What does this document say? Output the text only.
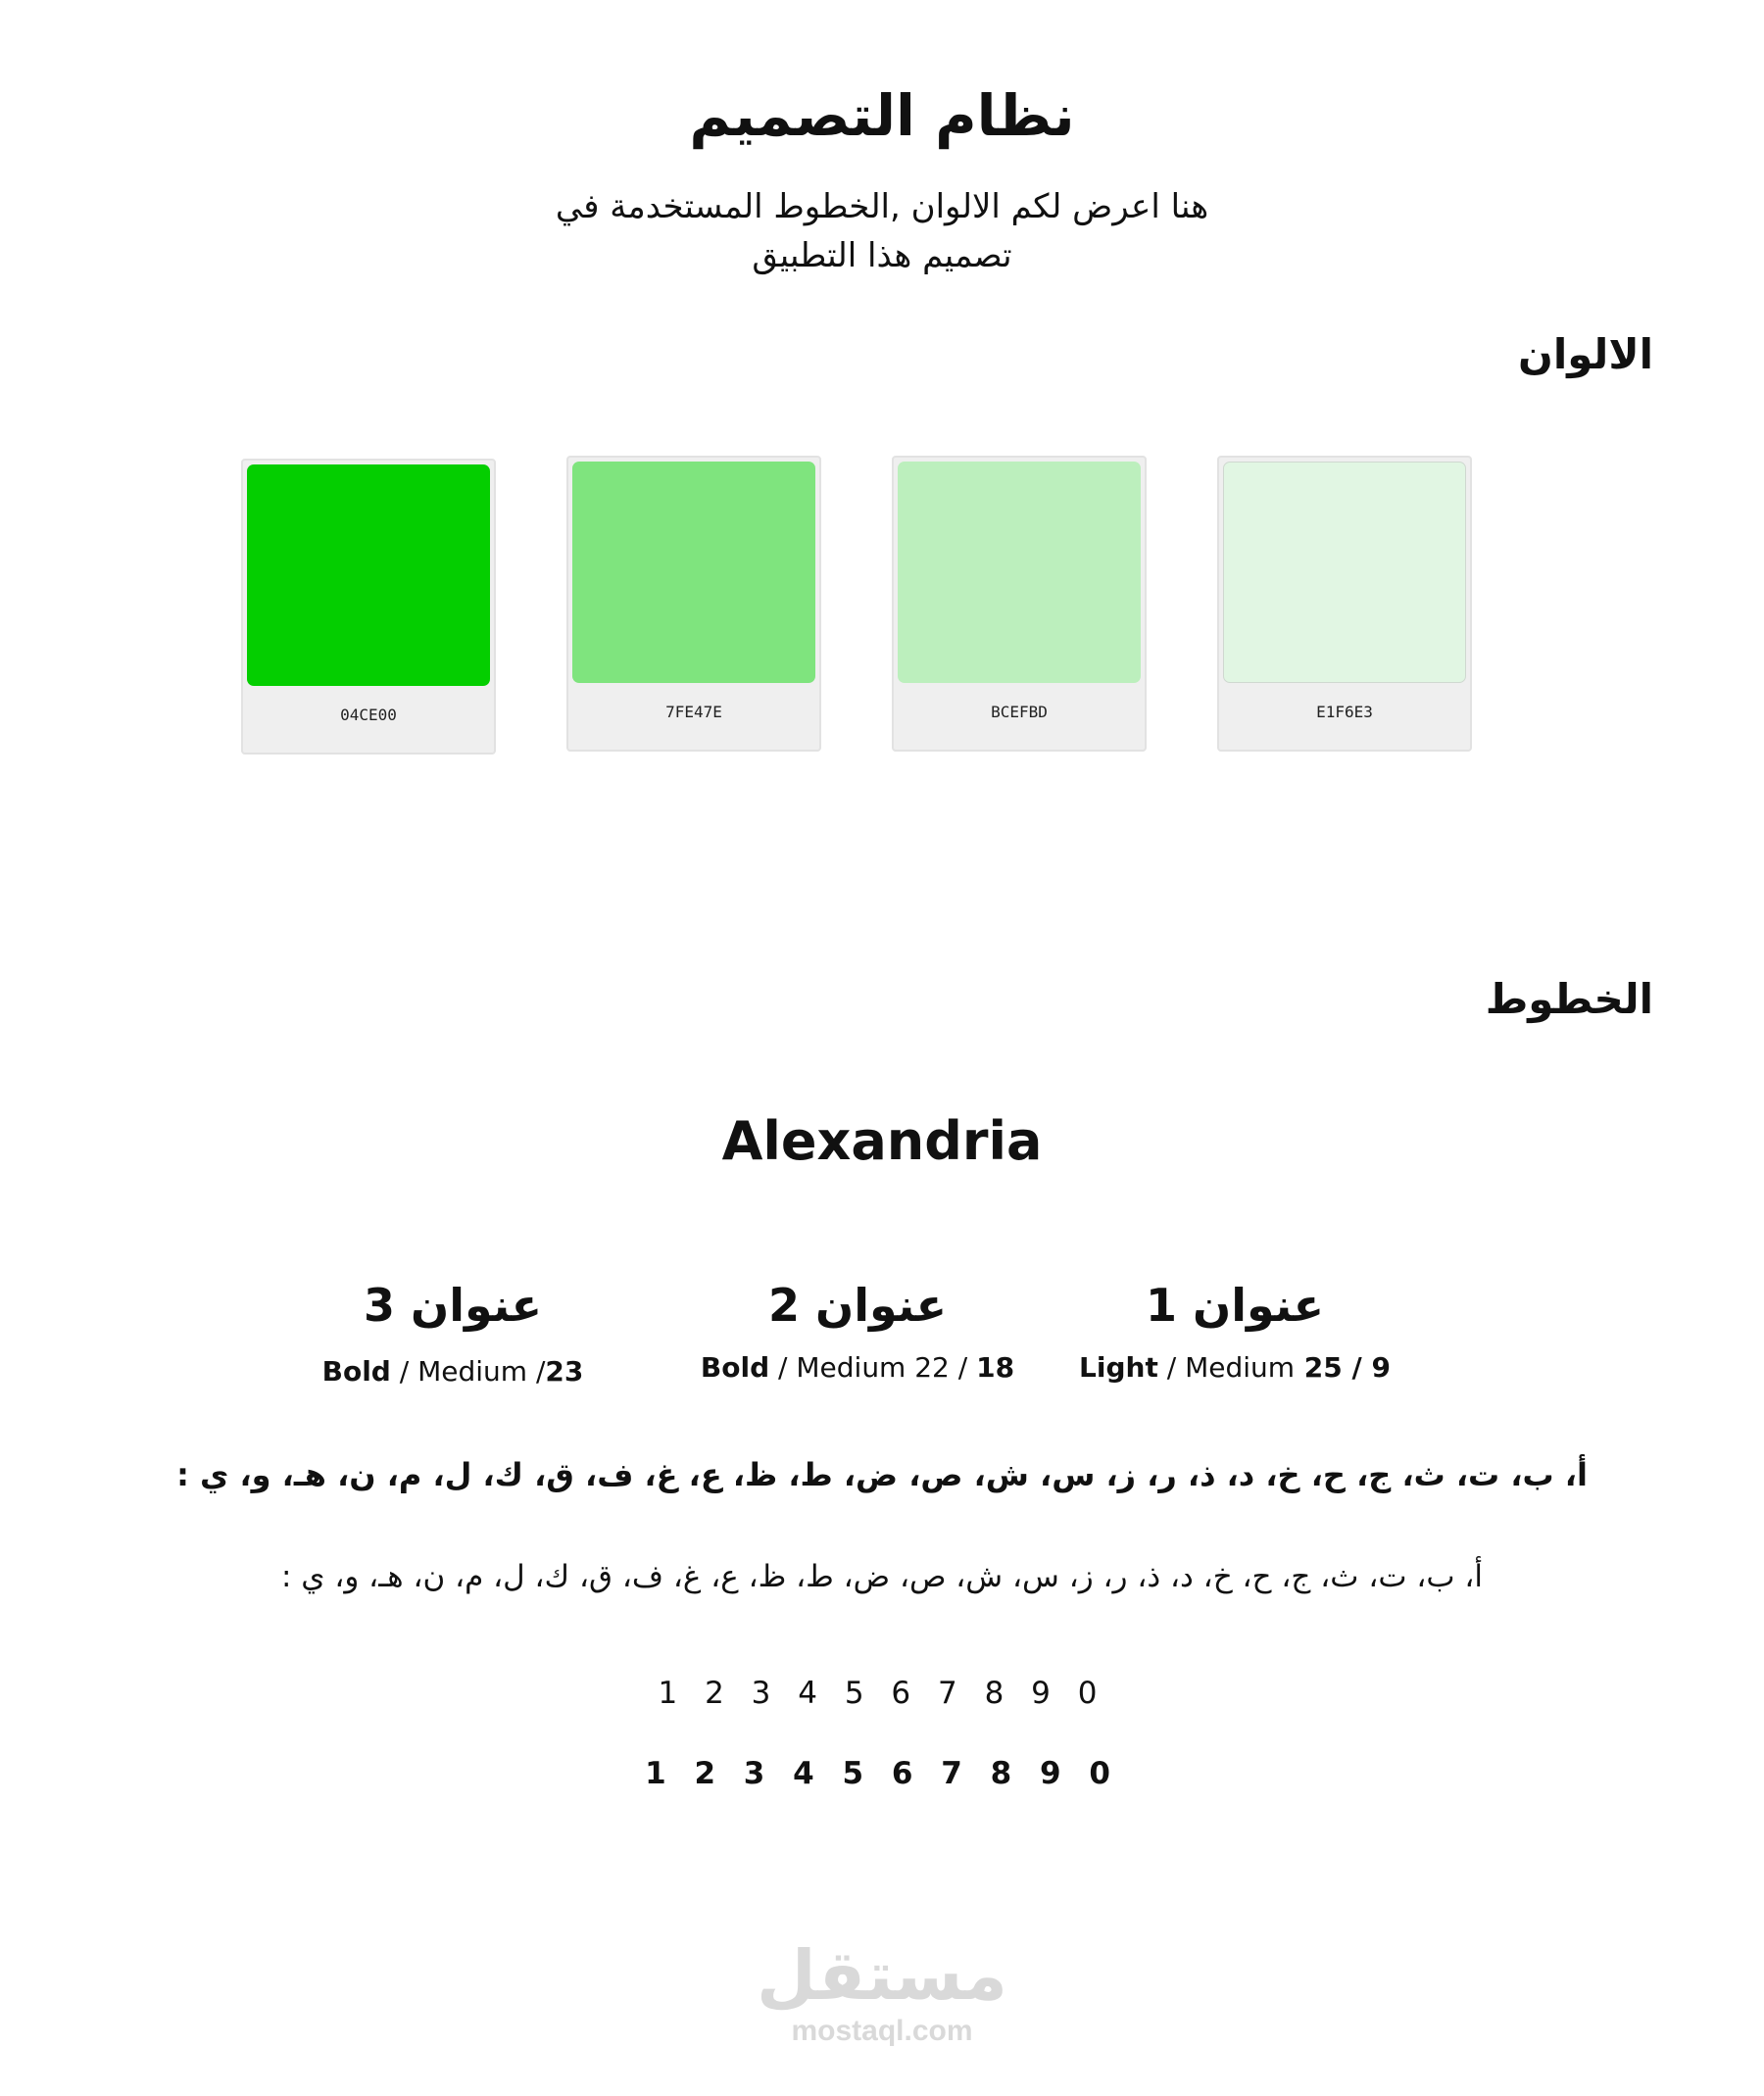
نظام التصميم
هنا اعرض لكم الالوان ,الخطوط المستخدمة في
تصميم هذا التطبيق
الالوان
04CE00	7FE47E	BCEFBD	E1F6E3
الخطوط
Alexandria
عنوان 1
Light / Medium 25 / 9
عنوان 2
Bold / Medium 22 / 18
عنوان 3
Bold / Medium /23
أ، ب، ت، ث، ج، ح، خ، د، ذ، ر، ز، س، ش، ص، ض، ط، ظ، ع، غ، ف، ق، ك، ل، م، ن، هـ، و، ي :
أ، ب، ت، ث، ج، ح، خ، د، ذ، ر، ز، س، ش، ص، ض، ط، ظ، ع، غ، ف، ق، ك، ل، م، ن، هـ، و، ي :
1 2 3 4 5 6 7 8 9 0
1 2 3 4 5 6 7 8 9 0
مستقل
mostaql.com
